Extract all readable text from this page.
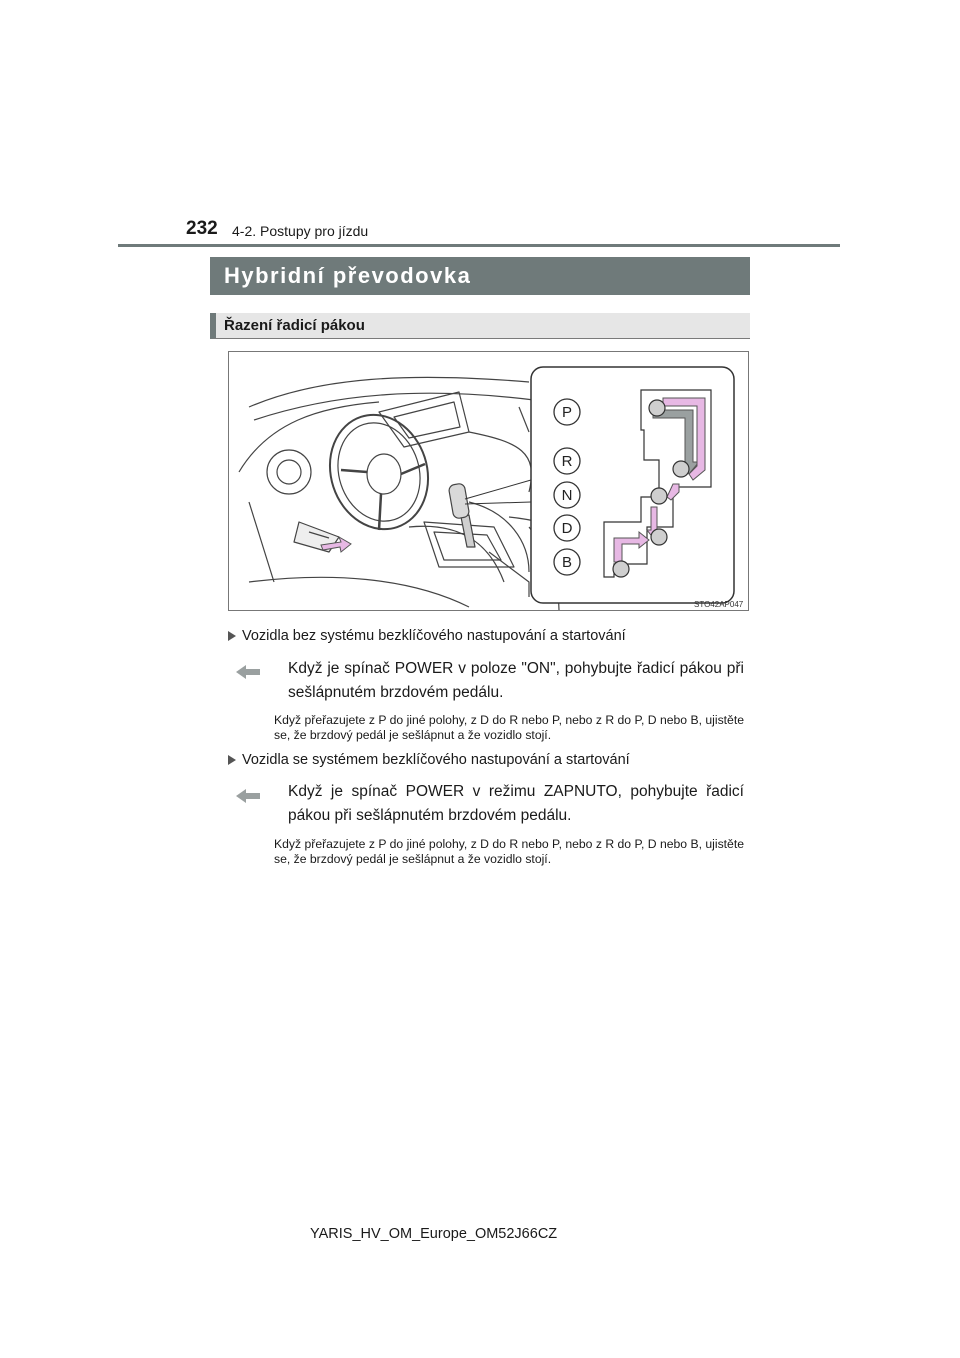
232 4-2. Postupy pro jízdu
Hybridní převodovka
Řazení řadicí pákou
P
R
N
D
B
STO42AP047
Vozidla bez systému bezklíčového nastupování a startování
Když je spínač POWER v poloze "ON", pohybujte řadicí pákou při sešlápnutém brzdovém pedálu.
Když přeřazujete z P do jiné polohy, z D do R nebo P, nebo z R do P, D nebo B, ujistěte se, že brzdový pedál je sešlápnut a že vozidlo stojí.
Vozidla se systémem bezklíčového nastupování a startování
Když je spínač POWER v režimu ZAPNUTO, pohybujte řadicí pákou při sešlápnutém brzdovém pedálu.
Když přeřazujete z P do jiné polohy, z D do R nebo P, nebo z R do P, D nebo B, ujistěte se, že brzdový pedál je sešlápnut a že vozidlo stojí.
YARIS_HV_OM_Europe_OM52J66CZ
